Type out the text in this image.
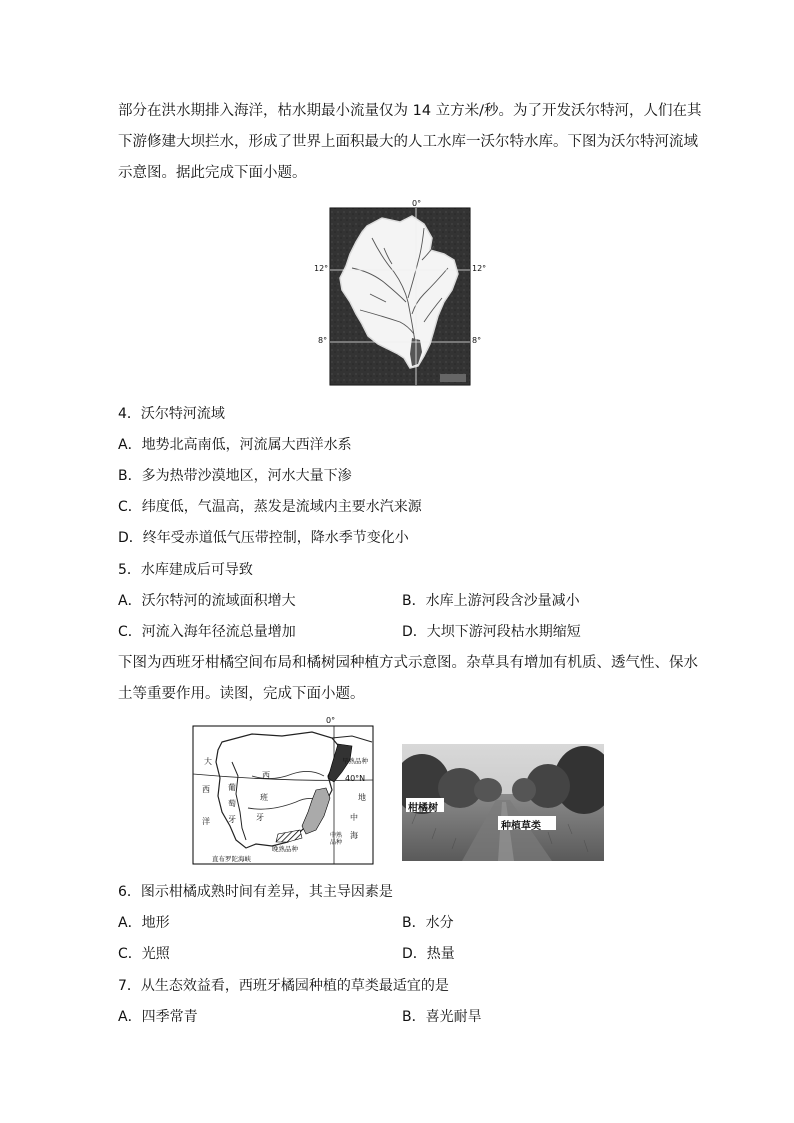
部分在洪水期排入海洋，枯水期最小流量仅为 14 立方米/秒。为了开发沃尔特河，人们在其
下游修建大坝拦水，形成了世界上面积最大的人工水库一沃尔特水库。下图为沃尔特河流域
示意图。据此完成下面小题。
0°
12°	12°
8°	8°
4．沃尔特河流域
A．地势北高南低，河流属大西洋水系
B．多为热带沙漠地区，河水大量下渗
C．纬度低，气温高，蒸发是流域内主要水汽来源
D．终年受赤道低气压带控制，降水季节变化小
5．水库建成后可导致
A．沃尔特河的流域面积增大	B．水库上游河段含沙量减小
C．河流入海年径流总量增加	D．大坝下游河段枯水期缩短
下图为西班牙柑橘空间布局和橘树园种植方式示意图。杂草具有增加有机质、透气性、保水
土等重要作用。读图，完成下面小题。
0°
40°N
大
西
洋
葡
萄
牙
西
班
牙
地
中
海
早熟品种
中熟品种
晚熟品种
直布罗陀海峡
柑橘树
种植草类
6．图示柑橘成熟时间有差异，其主导因素是
A．地形	B．水分
C．光照	D．热量
7．从生态效益看，西班牙橘园种植的草类最适宜的是
A．四季常青	B．喜光耐旱
